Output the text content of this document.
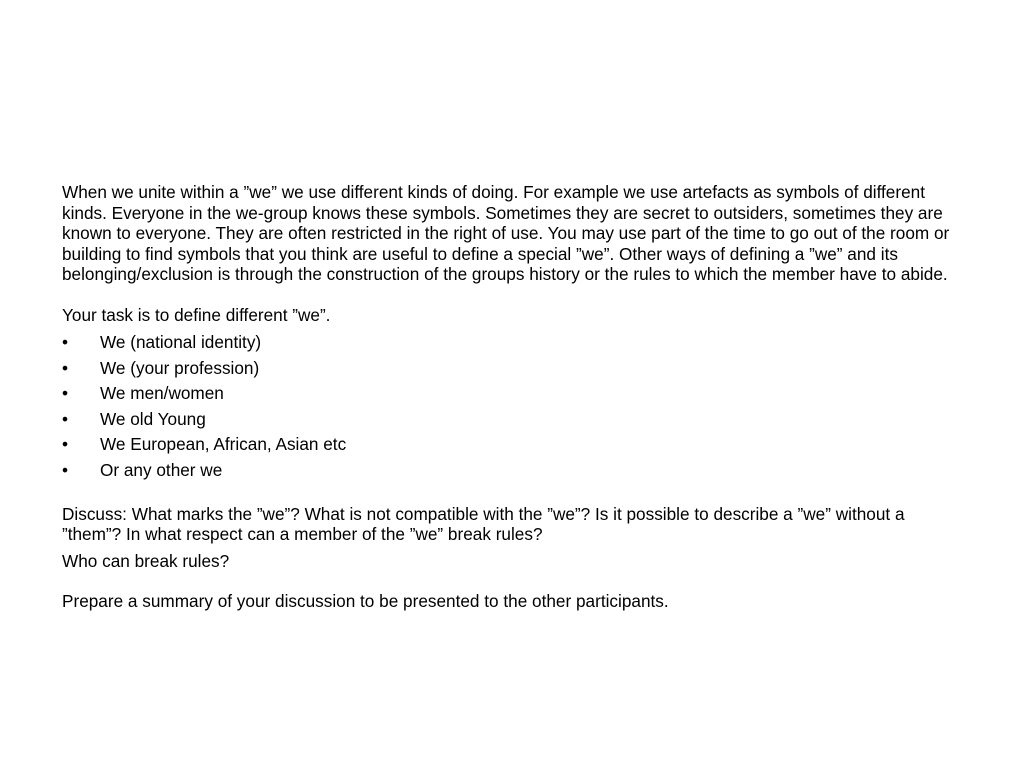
When we unite within a ”we” we use different kinds of doing. For example we use artefacts as symbols of different kinds. Everyone in the we-group knows these symbols. Sometimes they are secret to outsiders, sometimes they are known to everyone. They are often restricted in the right of use. You may use part of the time to go out of the room or building to find symbols that you think are useful to define a special ”we”. Other ways of defining a ”we” and its belonging/exclusion is through the construction of the groups history or the rules to which the member have to abide.

Your task is to define different ”we”.

• We (national identity)
• We (your profession)
• We men/women
• We old Young
• We European, African, Asian etc
• Or any other we

Discuss: What marks the ”we”? What is not compatible with the ”we”? Is it possible to describe a ”we” without a ”them”? In what respect can a member of the ”we” break rules?

Who can break rules?

Prepare a summary of your discussion to be presented to the other participants.
